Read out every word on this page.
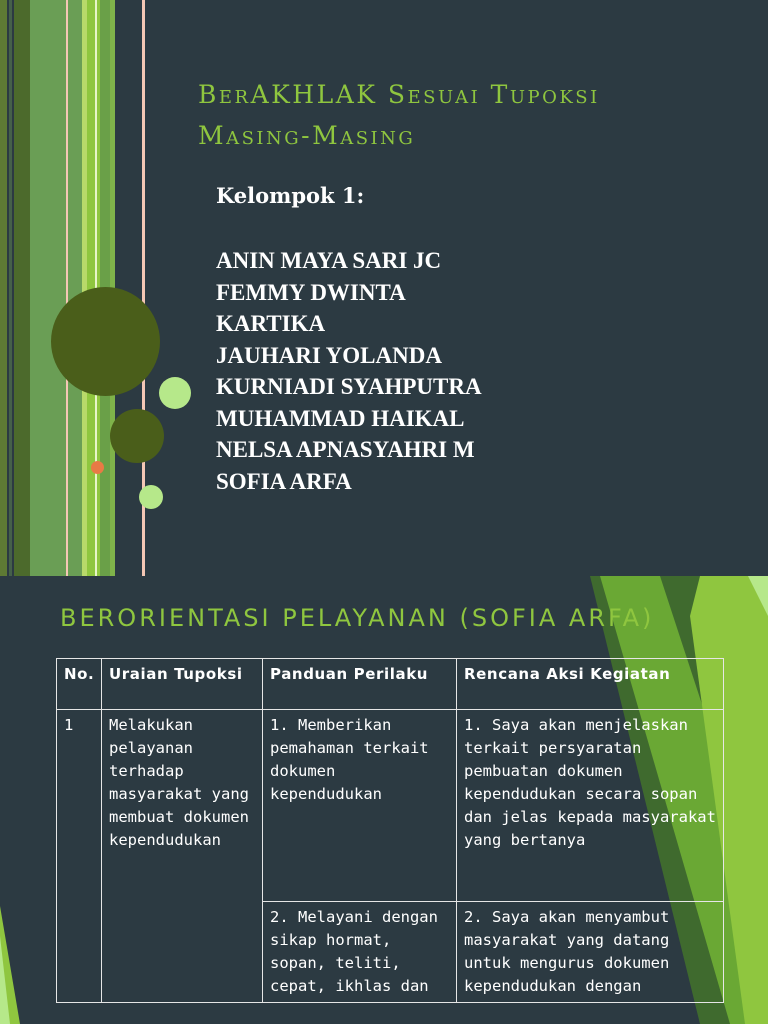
BerAKHLAK Sesuai Tupoksi
Masing-Masing
Kelompok 1:
ANIN MAYA SARI JC
FEMMY DWINTA
KARTIKA
JAUHARI YOLANDA
KURNIADI SYAHPUTRA
MUHAMMAD HAIKAL
NELSA APNASYAHRI M
SOFIA ARFA
BERORIENTASI PELAYANAN (SOFIA ARFA)
No.	Uraian Tupoksi	Panduan Perilaku	Rencana Aksi Kegiatan
1	Melakukan pelayanan terhadap masyarakat yang membuat dokumen kependudukan	1. Memberikan pemahaman terkait dokumen kependudukan	1. Saya akan menjelaskan terkait persyaratan pembuatan dokumen kependudukan secara sopan dan jelas kepada masyarakat yang bertanya
		2. Melayani dengan sikap hormat, sopan, teliti, cepat, ikhlas dan	2. Saya akan menyambut masyarakat yang datang untuk mengurus dokumen kependudukan dengan
